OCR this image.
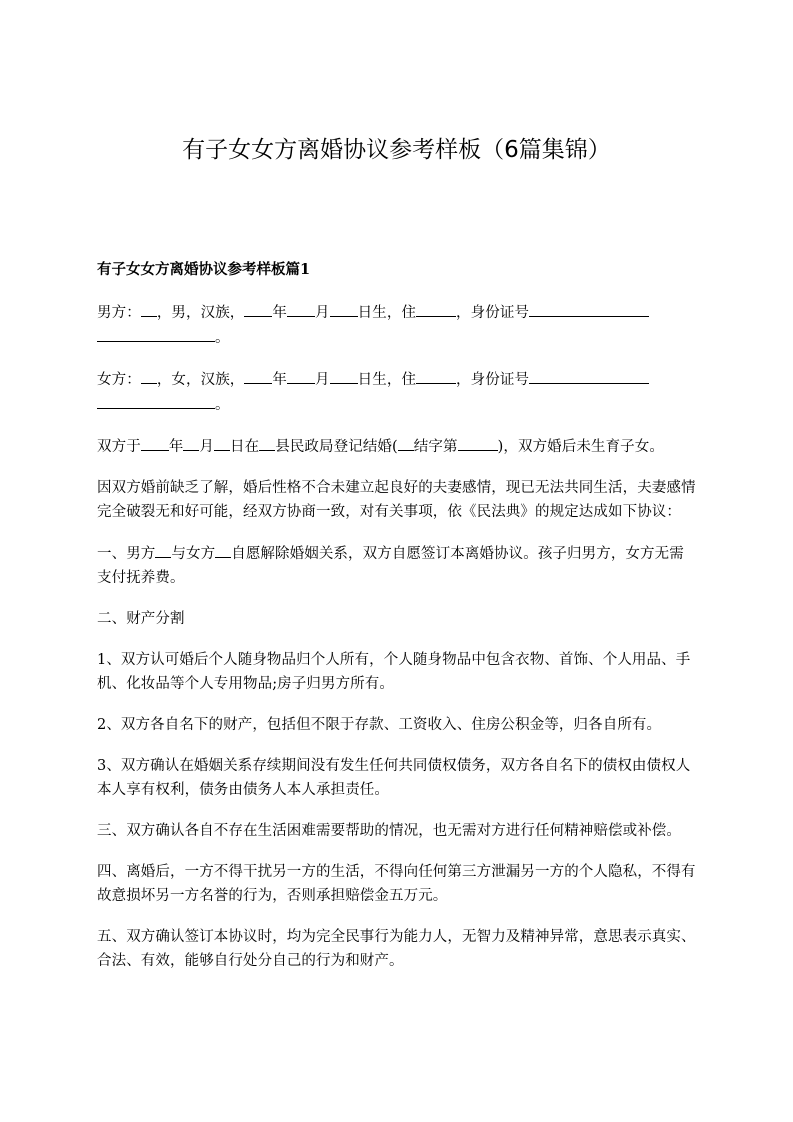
有子女女方离婚协议参考样板（6篇集锦）
有子女女方离婚协议参考样板篇1

男方： ，男，汉族， 年 月 日生，住	，身份证号。

女方： ，女，汉族， 年 月 日生，住	，身份证号。

双方于 年 月 日在 县民政局登记结婚( 结字第	)，双方婚后未生育子女。

因双方婚前缺乏了解，婚后性格不合未建立起良好的夫妻感情，现已无法共同生活，夫妻感情完全破裂无和好可能，经双方协商一致，对有关事项，依《民法典》的规定达成如下协议：

一、男方 与女方 自愿解除婚姻关系，双方自愿签订本离婚协议。孩子归男方，女方无需支付抚养费。

二、财产分割

1、双方认可婚后个人随身物品归个人所有，个人随身物品中包含衣物、首饰、个人用品、手机、化妆品等个人专用物品;房子归男方所有。

2、双方各自名下的财产，包括但不限于存款、工资收入、住房公积金等，归各自所有。

3、双方确认在婚姻关系存续期间没有发生任何共同债权债务，双方各自名下的债权由债权人本人享有权利，债务由债务人本人承担责任。

三、双方确认各自不存在生活困难需要帮助的情况，也无需对方进行任何精神赔偿或补偿。

四、离婚后，一方不得干扰另一方的生活，不得向任何第三方泄漏另一方的个人隐私，不得有故意损坏另一方名誉的行为，否则承担赔偿金五万元。

五、双方确认签订本协议时，均为完全民事行为能力人，无智力及精神异常，意思表示真实、合法、有效，能够自行处分自己的行为和财产。
